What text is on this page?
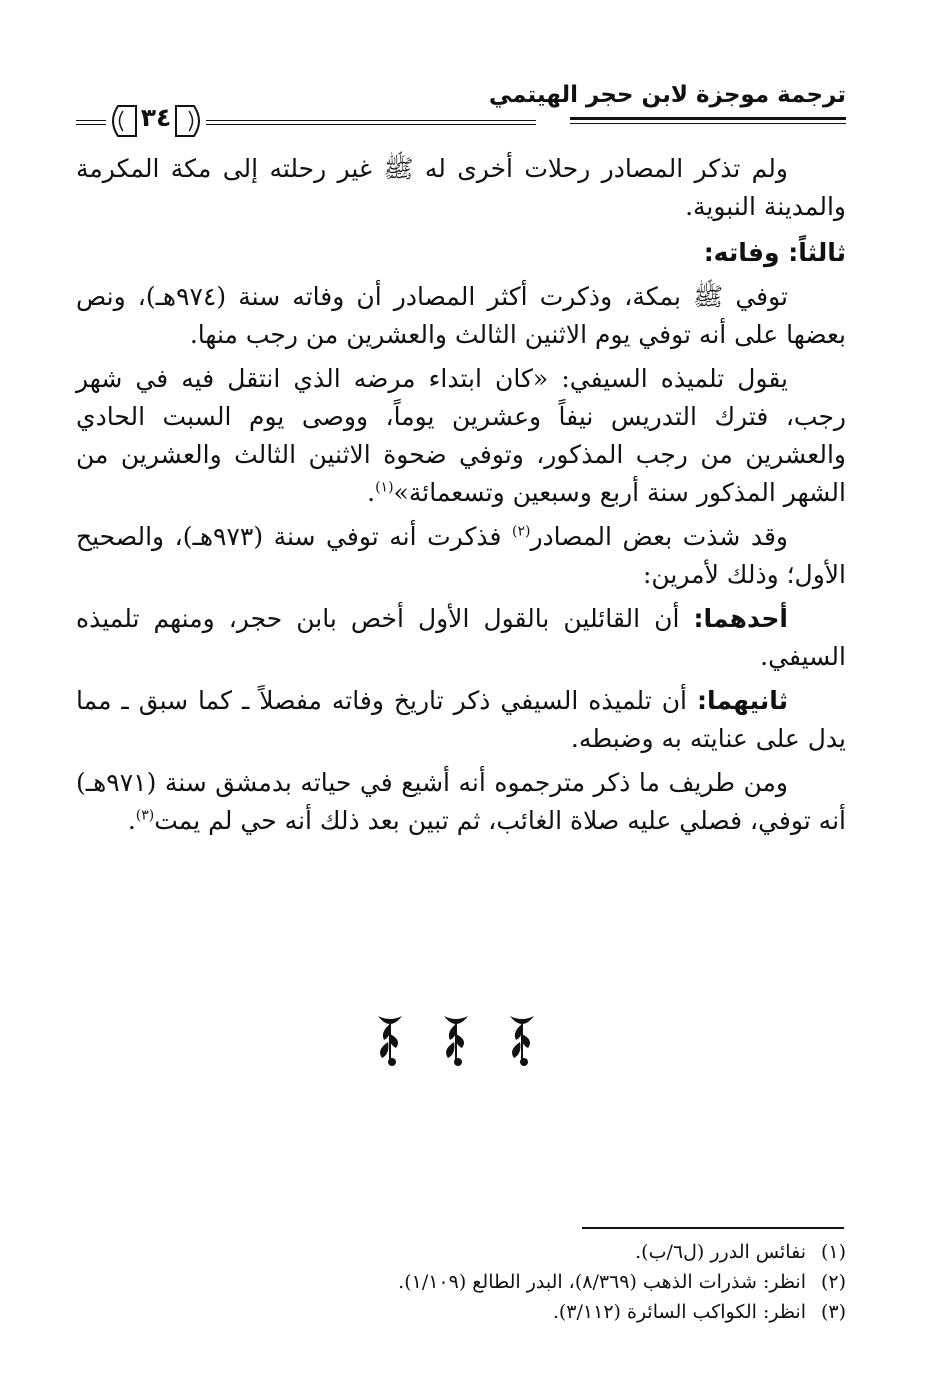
ترجمة موجزة لابن حجر الهيتمي
٣٤

ولم تذكر المصادر رحلات أخرى له ﷺ غير رحلته إلى مكة المكرمة والمدينة النبوية.

ثالثاً: وفاته:

توفي ﷺ بمكة، وذكرت أكثر المصادر أن وفاته سنة (٩٧٤هـ)، ونص بعضها على أنه توفي يوم الاثنين الثالث والعشرين من رجب منها.

يقول تلميذه السيفي: «كان ابتداء مرضه الذي انتقل فيه في شهر رجب، فترك التدريس نيفاً وعشرين يوماً، ووصى يوم السبت الحادي والعشرين من رجب المذكور، وتوفي ضحوة الاثنين الثالث والعشرين من الشهر المذكور سنة أربع وسبعين وتسعمائة»$^{(١)}$.

وقد شذت بعض المصادر$^{(٢)}$ فذكرت أنه توفي سنة (٩٧٣هـ)، والصحيح الأول؛ وذلك لأمرين:

أحدهما: أن القائلين بالقول الأول أخص بابن حجر، ومنهم تلميذه السيفي.

ثانيهما: أن تلميذه السيفي ذكر تاريخ وفاته مفصلاً ـ كما سبق ـ مما يدل على عنايته به وضبطه.

ومن طريف ما ذكر مترجموه أنه أشيع في حياته بدمشق سنة (٩٧١هـ) أنه توفي، فصلي عليه صلاة الغائب، ثم تبين بعد ذلك أنه حي لم يمت$^{(٣)}$.

(١)نفائس الدرر (ل٦/ب).

(٢)انظر: شذرات الذهب (٨/٣٦٩)، البدر الطالع (١/١٠٩).

(٣)انظر: الكواكب السائرة (٣/١١٢).
